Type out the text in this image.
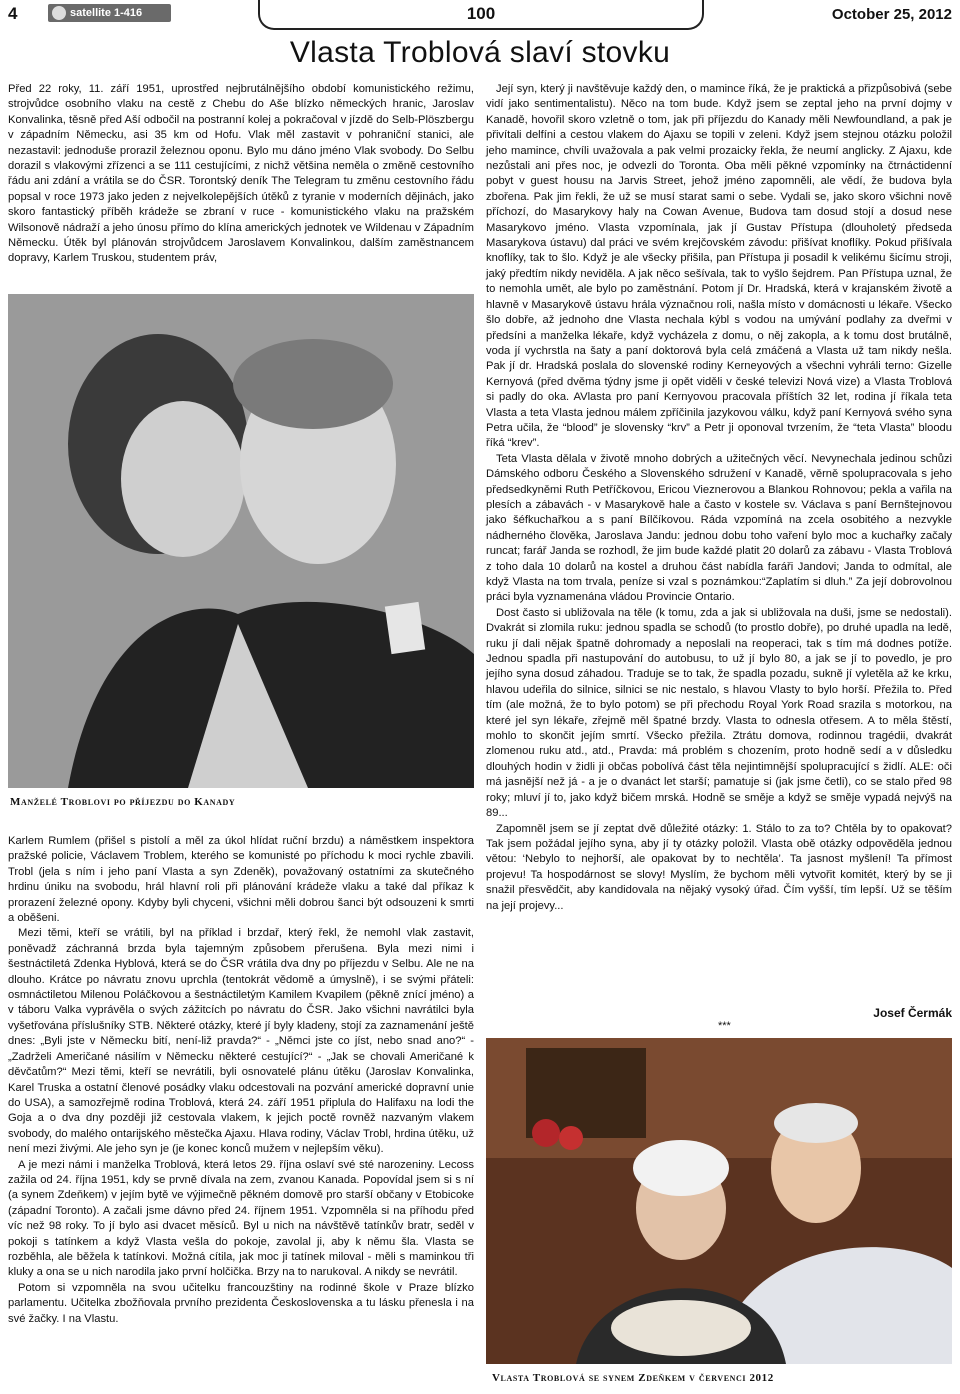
4	satellite 1-416	100	October 25, 2012
Vlasta Troblová slaví stovku

Před 22 roky, 11. září 1951, uprostřed nejbrutálnějšího období komunistického režimu, strojvůdce osobního vlaku na cestě z Chebu do Aše blízko německých hranic, Jaroslav Konvalinka, těsně před Aší odbočil na postranní kolej a pokračoval v jízdě do Selb-Plöszbergu v západním Německu, asi 35 km od Hofu. Vlak měl zastavit v pohraniční stanici, ale nezastavil: jednoduše prorazil železnou oponu. Bylo mu dáno jméno Vlak svobody. Do Selbu dorazil s vlakovými zřízenci a se 111 cestujícími, z nichž většina neměla o změně cestovního řádu ani zdání a vrátila se do ČSR. Torontský deník The Telegram tu změnu cestovního řádu popsal v roce 1973 jako jeden z nejvelkolepějších útěků z tyranie v moderních dějinách, jako skoro fantastický příběh krádeže se zbraní v ruce - komunistického vlaku na pražském Wilsonově nádraží a jeho únosu přímo do klína amerických jednotek ve Wildenau v Západním Německu. Útěk byl plánován strojvůdcem Jaroslavem Konvalinkou, dalším zaměstnancem dopravy, Karlem Truskou, studentem práv,

Manželé Troblovi po příjezdu do Kanady

Karlem Rumlem (přišel s pistolí a měl za úkol hlídat ruční brzdu) a náměstkem inspektora pražské policie, Václavem Troblem, kterého se komunisté po příchodu k moci rychle zbavili. Trobl (jela s ním i jeho paní Vlasta a syn Zdeněk), považovaný ostatními za skutečného hrdinu úniku na svobodu, hrál hlavní roli při plánování krádeže vlaku a také dal příkaz k prorazení železné opony. Kdyby byli chyceni, všichni měli dobrou šanci být odsouzeni k smrti a oběšeni.

Mezi těmi, kteří se vrátili, byl na příklad i brzdař, který řekl, že nemohl vlak zastavit, poněvadž záchranná brzda byla tajemným způsobem přerušena. Byla mezi nimi i šestnáctiletá Zdenka Hyblová, která se do ČSR vrátila dva dny po příjezdu v Selbu. Ale ne na dlouho. Krátce po návratu znovu uprchla (tentokrát vědomě a úmyslně), i se svými přáteli: osmnáctiletou Milenou Poláčkovou a šestnáctiletým Kamilem Kvapilem (pěkně znící jméno) a v táboru Valka vyprávěla o svých zážitcích po návratu do ČSR. Jako všichni navrátilci byla vyšetřována příslušníky STB. Některé otázky, které jí byly kladeny, stojí za zaznamenání ještě dnes: „Byli jste v Německu bití, není-liž pravda?“ - „Němci jste co jíst, nebo snad ano?“ - „Zadrželi Američané násilím v Německu některé cestující?“ - „Jak se chovali Američané k děvčatům?“ Mezi těmi, kteří se nevrátili, byli osnovatelé plánu útěku (Jaroslav Konvalinka, Karel Truska a ostatní členové posádky vlaku odcestovali na pozvání americké dopravní unie do USA), a samozřejmě rodina Troblová, která 24. září 1951 připlula do Halifaxu na lodi the Goja a o dva dny později již cestovala vlakem, k jejich poctě rovněž nazvaným vlakem svobody, do malého ontarijského městečka Ajaxu. Hlava rodiny, Václav Trobl, hrdina útěku, už není mezi živými. Ale jeho syn je (je konec konců mužem v nejlepším věku).

A je mezi námi i manželka Troblová, která letos 29. října oslaví své sté narozeniny. Lecoss zažila od 24. října 1951, kdy se prvně dívala na zem, zvanou Kanada. Popovídal jsem si s ní (a synem Zdeňkem) v jejím bytě ve výjimečně pěkném domově pro starší občany v Etobicoke (západní Toronto). A začali jsme dávno před 24. říjnem 1951. Vzpomněla si na příhodu před víc než 98 roky. To jí bylo asi dvacet měsíců. Byl u nich na návštěvě tatínkův bratr, seděl v pokoji s tatínkem a když Vlasta vešla do pokoje, zavolal ji, aby k němu šla. Vlasta se rozběhla, ale běžela k tatínkovi. Možná cítila, jak moc ji tatínek miloval - měli s maminkou tři kluky a ona se u nich narodila jako první holčička. Brzy na to narukoval. A nikdy se nevrátil.

Potom si vzpomněla na svou učitelku francouzštiny na rodinné škole v Praze blízko parlamentu. Učitelka zbožňovala prvního prezidenta Československa a tu lásku přenesla i na své žačky. I na Vlastu.

Její syn, který ji navštěvuje každý den, o mamince říká, že je praktická a přizpůsobivá (sebe vidí jako sentimentalistu). Něco na tom bude. Když jsem se zeptal jeho na první dojmy v Kanadě, hovořil skoro vzletně o tom, jak při příjezdu do Kanady měli Newfoundland, a pak je přivítali delfíni a cestou vlakem do Ajaxu se topili v zeleni. Když jsem stejnou otázku položil jeho mamince, chvíli uvažovala a pak velmi prozaicky řekla, že neumí anglicky. Z Ajaxu, kde nezůstali ani přes noc, je odvezli do Toronta. Oba měli pěkné vzpomínky na čtrnáctidenní pobyt v guest housu na Jarvis Street, jehož jméno zapomněli, ale vědí, že budova byla zbořena. Pak jim řekli, že už se musí starat sami o sebe. Vydali se, jako skoro všichni nově příchozí, do Masarykovy haly na Cowan Avenue, Budova tam dosud stojí a dosud nese Masarykovo jméno. Vlasta vzpomínala, jak jí Gustav Přístupa (dlouholetý předseda Masarykova ústavu) dal práci ve svém krejčovském závodu: přišívat knoflíky. Pokud přišívala knoflíky, tak to šlo. Když je ale všecky přišila, pan Přístupa ji posadil k velikému šicímu stroji, jaký předtím nikdy neviděla. A jak něco sešívala, tak to vyšlo šejdrem. Pan Přístupa uznal, že to nemohla umět, ale bylo po zaměstnání. Potom jí Dr. Hradská, která v krajanském životě a hlavně v Masarykově ústavu hrála význačnou roli, našla místo v domácnosti u lékaře. Všecko šlo dobře, až jednoho dne Vlasta nechala kýbl s vodou na umývání podlahy za dveřmi v předsíni a manželka lékaře, když vycházela z domu, o něj zakopla, a k tomu dost brutálně, voda jí vychrstla na šaty a paní doktorová byla celá zmáčená a Vlasta už tam nikdy nešla. Pak jí dr. Hradská poslala do slovenské rodiny Kerneyových a všechni vyhráli terno: Gizelle Kernyová (před dvěma týdny jsme ji opět viděli v české televizi Nová vize) a Vlasta Troblová si padly do oka. AVlasta pro paní Kernyovou pracovala příštích 32 let, rodina jí říkala teta Vlasta a teta Vlasta jednou málem zpříčinila jazykovou válku, když paní Kernyová svého syna Petra učila, že “blood” je slovensky “krv” a Petr ji oponoval tvrzením, že “teta Vlasta” bloodu říká “krev”.

Teta Vlasta dělala v životě mnoho dobrých a užitečných věcí. Nevynechala jedinou schůzi Dámského odboru Českého a Slovenského sdružení v Kanadě, věrně spolupracovala s jeho předsedkyněmi Ruth Petříčkovou, Ericou Vieznerovou a Blankou Rohnovou; pekla a vařila na plesích a zábavách - v Masarykově hale a často v kostele sv. Václava s paní Bernštejnovou jako šéfkuchařkou a s paní Bílčíkovou. Ráda vzpomíná na zcela osobitého a nezvykle nádherného člověka, Jaroslava Jandu: jednou dobu toho vaření bylo moc a kuchařky začaly runcat; farář Janda se rozhodl, že jim bude každé platit 20 dolarů za zábavu - Vlasta Troblová z toho dala 10 dolarů na kostel a druhou část nabídla faráři Jandovi; Janda to odmítal, ale když Vlasta na tom trvala, peníze si vzal s poznámkou:“Zaplatím si dluh.” Za její dobrovolnou práci byla vyznamenána vládou Provincie Ontario.

Dost často si ubližovala na těle (k tomu, zda a jak si ubližovala na duši, jsme se nedostali). Dvakrát si zlomila ruku: jednou spadla se schodů (to prostlo dobře), po druhé upadla na ledě, ruku jí dali nějak špatně dohromady a neposlali na reoperaci, tak s tím má dodnes potíže. Jednou spadla při nastupování do autobusu, to už jí bylo 80, a jak se jí to povedlo, je pro jejího syna dosud záhadou. Traduje se to tak, že spadla pozadu, sukně jí vyletěla až ke krku, hlavou udeřila do silnice, silnici se nic nestalo, s hlavou Vlasty to bylo horší. Přežila to. Před tím (ale možná, že to bylo potom) se při přechodu Royal York Road srazila s motorkou, na které jel syn lékaře, zřejmě měl špatné brzdy. Vlasta to odnesla otřesem. A to měla štěstí, mohlo to skončit jejím smrtí. Všecko přežila. Ztrátu domova, rodinnou tragédii, dvakrát zlomenou ruku atd., atd., Pravda: má problém s chozením, proto hodně sedí a v důsledku dlouhých hodin v židli ji občas pobolívá část těla nejintimnější spolupracující s židlí. ALE: oči má jasnější než já - a je o dvanáct let starší; pamatuje si (jak jsme četli), co se stalo před 98 roky; mluví jí to, jako když bičem mrská. Hodně se směje a když se směje vypadá nejvýš na 89...

Zapomněl jsem se jí zeptat dvě důležité otázky: 1. Stálo to za to? Chtěla by to opakovat? Tak jsem požádal jejího syna, aby jí ty otázky položil. Vlasta obě otázky odpověděla jednou větou: ‘Nebylo to nejhorší, ale opakovat by to nechtěla’. Ta jasnost myšlení! Ta přímost projevu! Ta hospodárnost se slovy! Myslím, že bychom měli vytvořit komitét, který by se ji snažil přesvědčit, aby kandidovala na nějaký vysoký úřad. Čím vyšší, tím lepší. Už se těším na její projevy...

Josef Čermák
***
Vlasta Troblová se synem Zdeňkem v červenci 2012
